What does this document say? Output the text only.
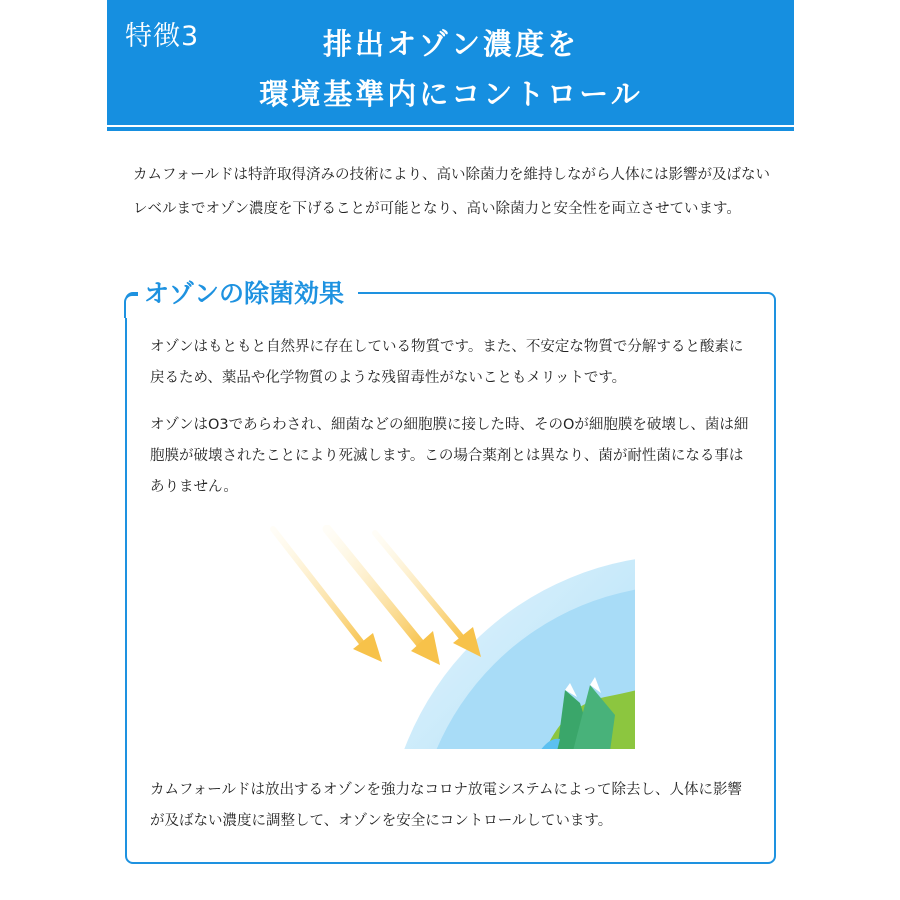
特徴3	排出オゾン濃度を
環境基準内にコントロール

カムフォールドは特許取得済みの技術により、高い除菌力を維持しながら人体には影響が及ばないレベルまでオゾン濃度を下げることが可能となり、高い除菌力と安全性を両立させています。

オゾンの除菌効果

オゾンはもともと自然界に存在している物質です。また、不安定な物質で分解すると酸素に戻るため、薬品や化学物質のような残留毒性がないこともメリットです。

オゾンはO3であらわされ、細菌などの細胞膜に接した時、そのOが細胞膜を破壊し、菌は細胞膜が破壊されたことにより死滅します。この場合薬剤とは異なり、菌が耐性菌になる事はありません。

カムフォールドは放出するオゾンを強力なコロナ放電システムによって除去し、人体に影響が及ばない濃度に調整して、オゾンを安全にコントロールしています。
